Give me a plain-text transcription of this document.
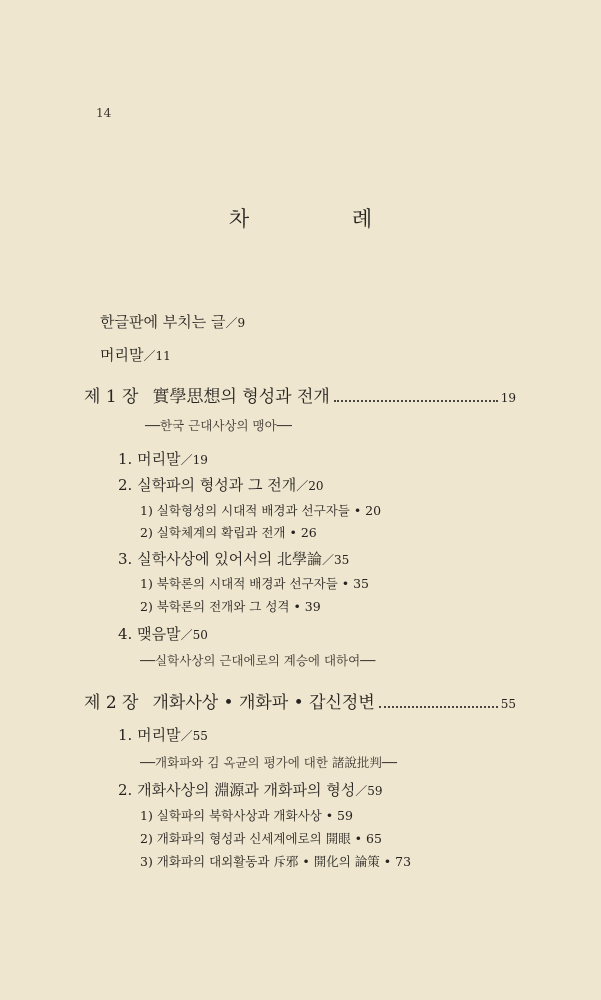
14
차 례
한글판에 부치는 글／9
머리말／11
제 1 장 實學思想의 형성과 전개	19
──한국 근대사상의 맹아──
1. 머리말／19
2. 실학파의 형성과 그 전개／20
1) 실학형성의 시대적 배경과 선구자들 • 20
2) 실학체계의 확립과 전개 • 26
3. 실학사상에 있어서의 北學論／35
1) 북학론의 시대적 배경과 선구자들 • 35
2) 북학론의 전개와 그 성격 • 39
4. 맺음말／50
──실학사상의 근대에로의 계승에 대하여──
제 2 장 개화사상 • 개화파 • 갑신정변	55
1. 머리말／55
──개화파와 김 옥균의 평가에 대한 諸說批判──
2. 개화사상의 淵源과 개화파의 형성／59
1) 실학파의 북학사상과 개화사상 • 59
2) 개화파의 형성과 신세계에로의 開眼 • 65
3) 개화파의 대외활동과 斥邪 • 開化의 論策 • 73
